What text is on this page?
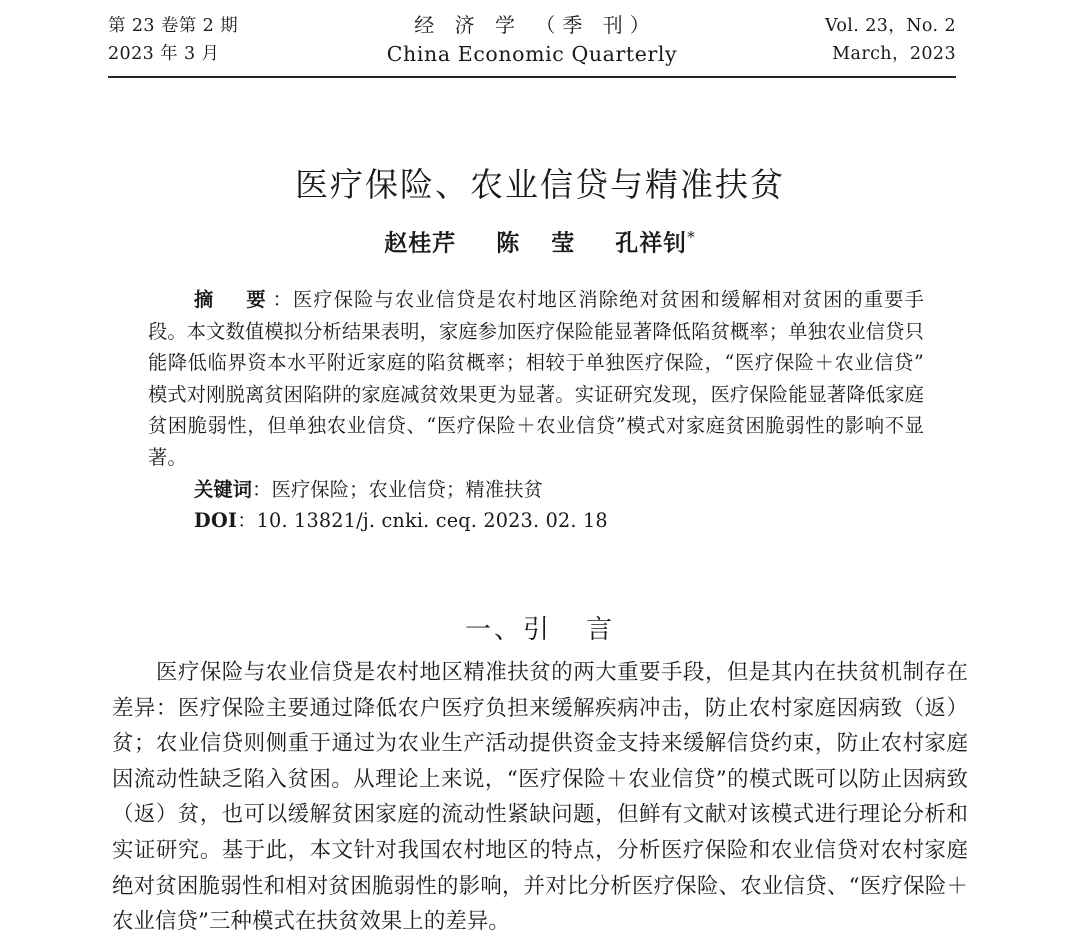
第 23 卷第 2 期
2023 年 3 月
经 济 学 （季 刊）
China Economic Quarterly
Vol. 23，No. 2
March，2023
医疗保险、农业信贷与精准扶贫
赵桂芹 陈 莹 孔祥钊*

摘　要：医疗保险与农业信贷是农村地区消除绝对贫困和缓解相对贫困的重要手段。本文数值模拟分析结果表明，家庭参加医疗保险能显著降低陷贫概率；单独农业信贷只能降低临界资本水平附近家庭的陷贫概率；相较于单独医疗保险，“医疗保险＋农业信贷”模式对刚脱离贫困陷阱的家庭减贫效果更为显著。实证研究发现，医疗保险能显著降低家庭贫困脆弱性，但单独农业信贷、“医疗保险＋农业信贷”模式对家庭贫困脆弱性的影响不显著。

关键词：医疗保险；农业信贷；精准扶贫

DOI：10. 13821/j. cnki. ceq. 2023. 02. 18

一、引 言

医疗保险与农业信贷是农村地区精准扶贫的两大重要手段，但是其内在扶贫机制存在差异：医疗保险主要通过降低农户医疗负担来缓解疾病冲击，防止农村家庭因病致（返）贫；农业信贷则侧重于通过为农业生产活动提供资金支持来缓解信贷约束，防止农村家庭因流动性缺乏陷入贫困。从理论上来说，“医疗保险＋农业信贷”的模式既可以防止因病致（返）贫，也可以缓解贫困家庭的流动性紧缺问题，但鲜有文献对该模式进行理论分析和实证研究。基于此，本文针对我国农村地区的特点，分析医疗保险和农业信贷对农村家庭绝对贫困脆弱性和相对贫困脆弱性的影响，并对比分析医疗保险、农业信贷、“医疗保险＋农业信贷”三种模式在扶贫效果上的差异。
